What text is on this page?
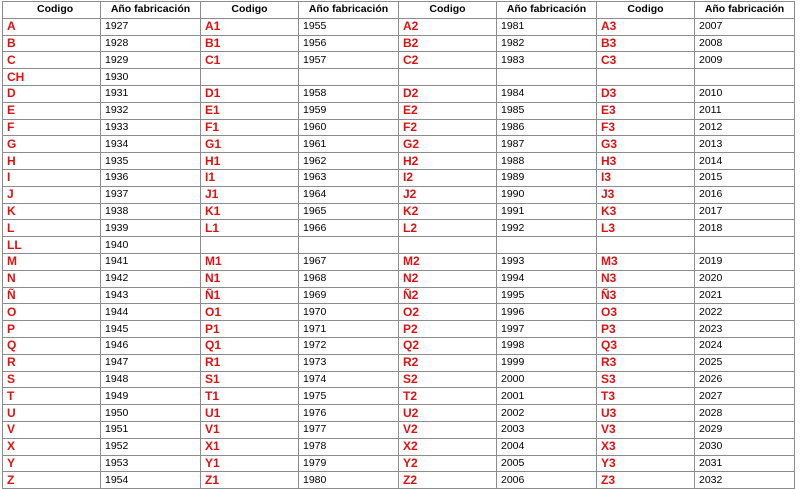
Codigo	Año fabricación	Codigo	Año fabricación	Codigo	Año fabricación	Codigo	Año fabricación
A	1927	A1	1955	A2	1981	A3	2007
B	1928	B1	1956	B2	1982	B3	2008
C	1929	C1	1957	C2	1983	C3	2009
CH	1930						
D	1931	D1	1958	D2	1984	D3	2010
E	1932	E1	1959	E2	1985	E3	2011
F	1933	F1	1960	F2	1986	F3	2012
G	1934	G1	1961	G2	1987	G3	2013
H	1935	H1	1962	H2	1988	H3	2014
I	1936	I1	1963	I2	1989	I3	2015
J	1937	J1	1964	J2	1990	J3	2016
K	1938	K1	1965	K2	1991	K3	2017
L	1939	L1	1966	L2	1992	L3	2018
LL	1940						
M	1941	M1	1967	M2	1993	M3	2019
N	1942	N1	1968	N2	1994	N3	2020
Ñ	1943	Ñ1	1969	Ñ2	1995	Ñ3	2021
O	1944	O1	1970	O2	1996	O3	2022
P	1945	P1	1971	P2	1997	P3	2023
Q	1946	Q1	1972	Q2	1998	Q3	2024
R	1947	R1	1973	R2	1999	R3	2025
S	1948	S1	1974	S2	2000	S3	2026
T	1949	T1	1975	T2	2001	T3	2027
U	1950	U1	1976	U2	2002	U3	2028
V	1951	V1	1977	V2	2003	V3	2029
X	1952	X1	1978	X2	2004	X3	2030
Y	1953	Y1	1979	Y2	2005	Y3	2031
Z	1954	Z1	1980	Z2	2006	Z3	2032
